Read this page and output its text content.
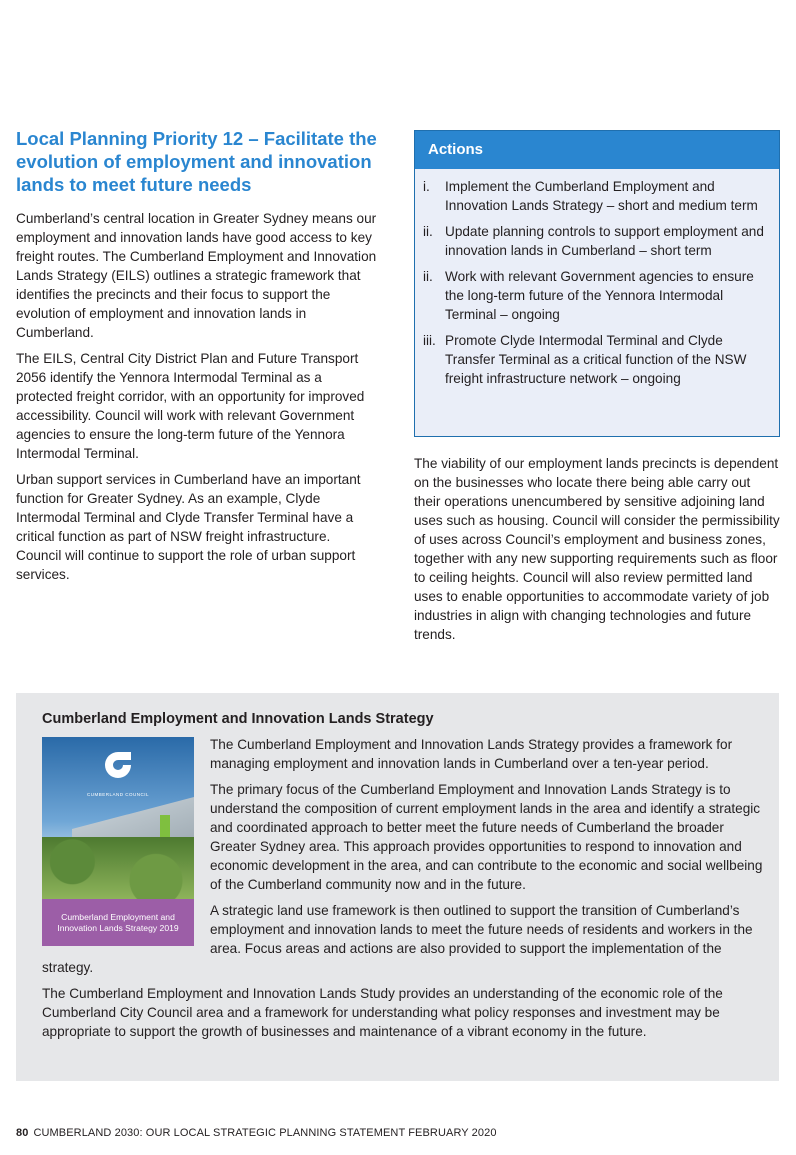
Local Planning Priority 12 – Facilitate the evolution of employment and innovation lands to meet future needs

Cumberland’s central location in Greater Sydney means our employment and innovation lands have good access to key freight routes. The Cumberland Employment and Innovation Lands Strategy (EILS) outlines a strategic framework that identifies the precincts and their focus to support the evolution of employment and innovation lands in Cumberland.

The EILS, Central City District Plan and Future Transport 2056 identify the Yennora Intermodal Terminal as a protected freight corridor, with an opportunity for improved accessibility. Council will work with relevant Government agencies to ensure the long-term future of the Yennora Intermodal Terminal.

Urban support services in Cumberland have an important function for Greater Sydney. As an example, Clyde Intermodal Terminal and Clyde Transfer Terminal have a critical function as part of NSW freight infrastructure. Council will continue to support the role of urban support services.

Actions
i.	Implement the Cumberland Employment and Innovation Lands Strategy – short and medium term
ii. Update planning controls to support employment and innovation lands in Cumberland – short term
ii. Work with relevant Government agencies to ensure the long-term future of the Yennora Intermodal Terminal – ongoing
iii. Promote Clyde Intermodal Terminal and Clyde Transfer Terminal as a critical function of the NSW freight infrastructure network – ongoing

The viability of our employment lands precincts is dependent on the businesses who locate there being able carry out their operations unencumbered by sensitive adjoining land uses such as housing. Council will consider the permissibility of uses across Council’s employment and business zones, together with any new supporting requirements such as floor to ceiling heights. Council will also review permitted land uses to enable opportunities to accommodate variety of job industries in align with changing technologies and future trends.

Cumberland Employment and Innovation Lands Strategy
CUMBERLAND COUNCIL
Cumberland Employment and Innovation Lands Strategy 2019

The Cumberland Employment and Innovation Lands Strategy provides a framework for managing employment and innovation lands in Cumberland over a ten-year period.

The primary focus of the Cumberland Employment and Innovation Lands Strategy is to understand the composition of current employment lands in the area and identify a strategic and coordinated approach to better meet the future needs of Cumberland the broader Greater Sydney area. This approach provides opportunities to respond to innovation and economic development in the area, and can contribute to the economic and social wellbeing of the Cumberland community now and in the future.

A strategic land use framework is then outlined to support the transition of Cumberland’s employment and innovation lands to meet the future needs of residents and workers in the area. Focus areas and actions are also provided to support the implementation of the strategy.

The Cumberland Employment and Innovation Lands Study provides an understanding of the economic role of the Cumberland City Council area and a framework for understanding what policy responses and investment may be appropriate to support the growth of businesses and maintenance of a vibrant economy in the future.

80 CUMBERLAND 2030: OUR LOCAL STRATEGIC PLANNING STATEMENT FEBRUARY 2020
